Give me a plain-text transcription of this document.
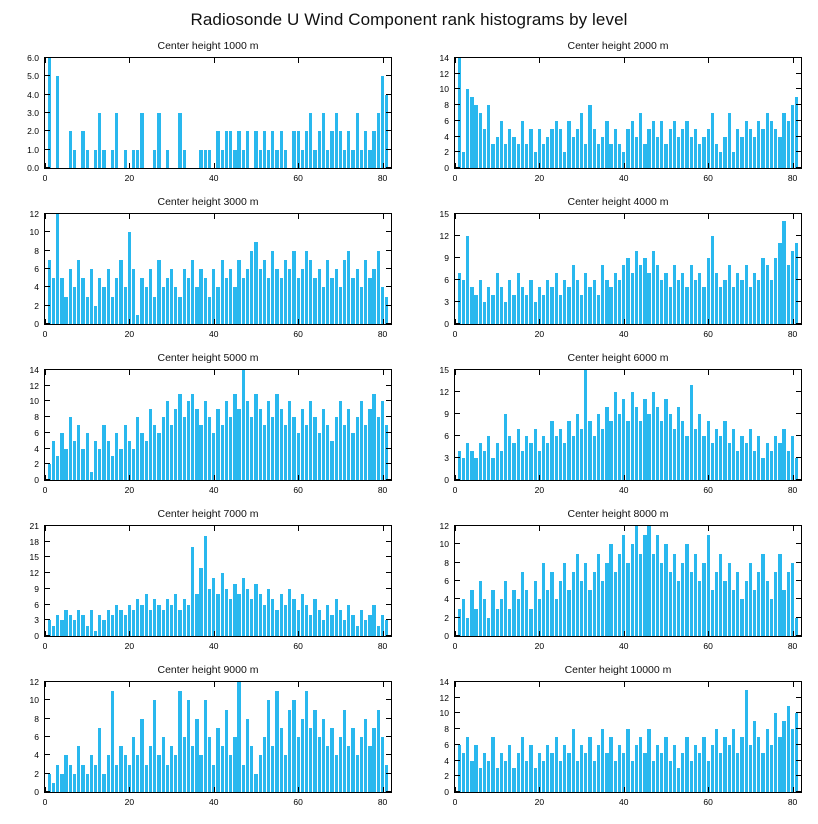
Radiosonde U Wind Component rank histograms by level
Center height 1000 m
0.0
1.0
2.0
3.0
4.0
5.0
6.0
0	20	40	60	80
Center height 2000 m
0
2
4
6
8
10
12
14
0	20	40	60	80
Center height 3000 m
0
2
4
6
8
10
12
0	20	40	60	80
Center height 4000 m
0
3
6
9
12
15
0	20	40	60	80
Center height 5000 m
0
2
4
6
8
10
12
14
0	20	40	60	80
Center height 6000 m
0
3
6
9
12
15
0	20	40	60	80
Center height 7000 m
0
3
6
9
12
15
18
21
0	20	40	60	80
Center height 8000 m
0
2
4
6
8
10
12
0	20	40	60	80
Center height 9000 m
0
2
4
6
8
10
12
0	20	40	60	80
Center height 10000 m
0
2
4
6
8
10
12
14
0	20	40	60	80
